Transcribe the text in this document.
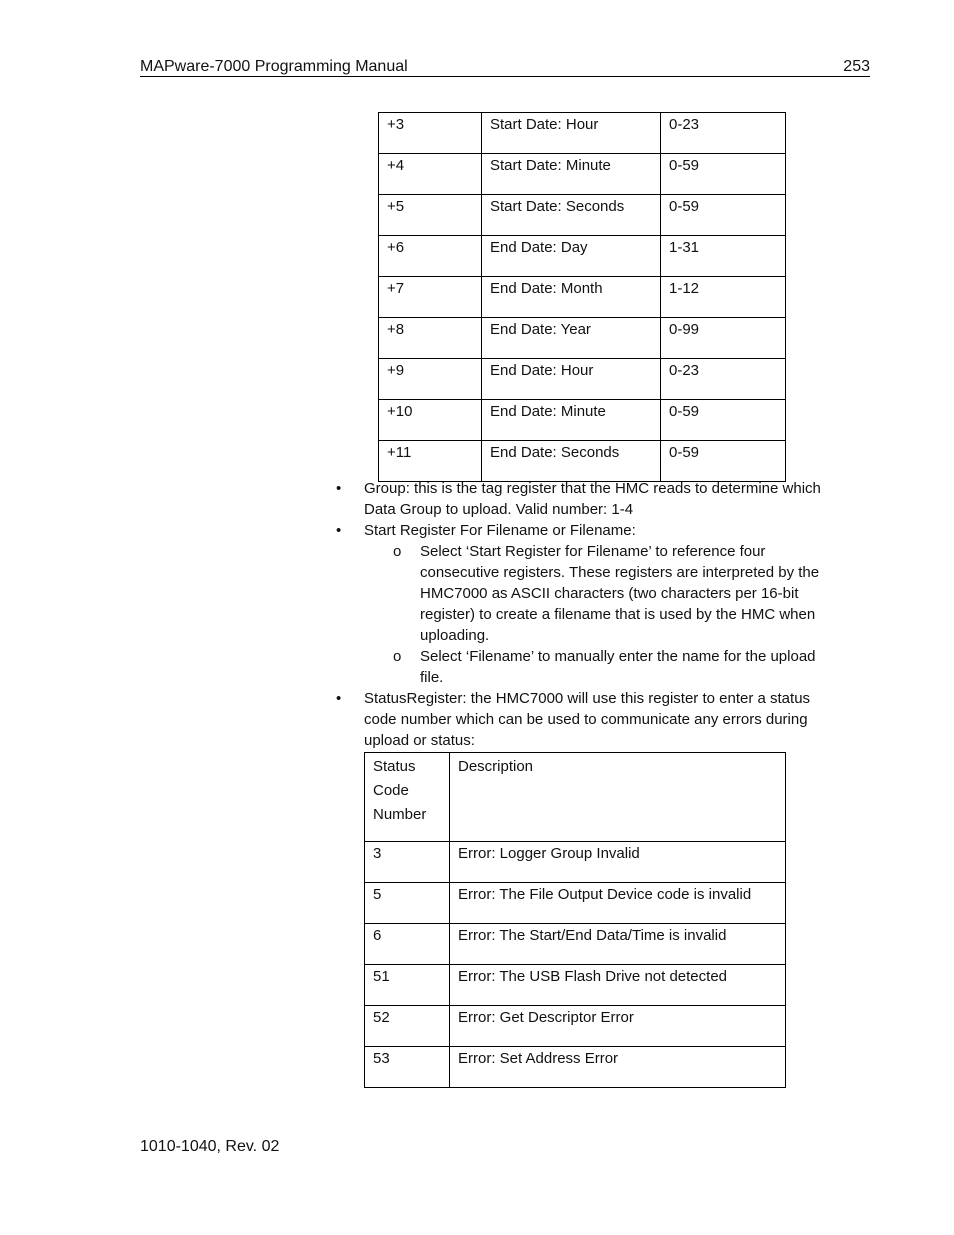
MAPware-7000 Programming Manual	253
+3	Start Date: Hour	0-23
+4	Start Date: Minute	0-59
+5	Start Date: Seconds	0-59
+6	End Date: Day	1-31
+7	End Date: Month	1-12
+8	End Date: Year	0-99
+9	End Date: Hour	0-23
+10	End Date: Minute	0-59
+11	End Date: Seconds	0-59
• Group: this is the tag register that the HMC reads to determine which Data Group to upload. Valid number: 1-4
• Start Register For Filename or Filename:
o Select ‘Start Register for Filename’ to reference four consecutive registers. These registers are interpreted by the HMC7000 as ASCII characters (two characters per 16-bit register) to create a filename that is used by the HMC when uploading.
o Select ‘Filename’ to manually enter the name for the upload file.
• StatusRegister: the HMC7000 will use this register to enter a status code number which can be used to communicate any errors during upload or status:
Status
Code
Number	Description
3	Error: Logger Group Invalid
5	Error: The File Output Device code is invalid
6	Error: The Start/End Data/Time is invalid
51	Error: The USB Flash Drive not detected
52	Error: Get Descriptor Error
53	Error: Set Address Error
1010-1040, Rev. 02
